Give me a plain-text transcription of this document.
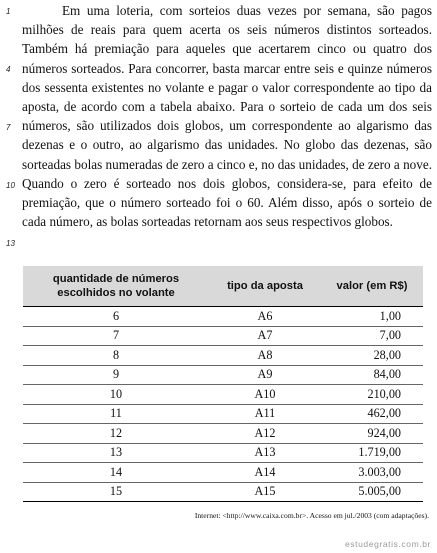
1
4
7
10
13

Em uma loteria, com sorteios duas vezes por semana, são pagos milhões de reais para quem acerta os seis números distintos sorteados. Também há premiação para aqueles que acertarem cinco ou quatro dos números sorteados. Para concorrer, basta marcar entre seis e quinze números dos sessenta existentes no volante e pagar o valor correspondente ao tipo da aposta, de acordo com a tabela abaixo. Para o sorteio de cada um dos seis números, são utilizados dois globos, um correspondente ao algarismo das dezenas e o outro, ao algarismo das unidades. No globo das dezenas, são sorteadas bolas numeradas de zero a cinco e, no das unidades, de zero a nove. Quando o zero é sorteado nos dois globos, considera-se, para efeito de premiação, que o número sorteado foi o 60. Além disso, após o sorteio de cada número, as bolas sorteadas retornam aos seus respectivos globos.

quantidade de números escolhidos no volante	tipo da aposta	valor (em R$)
6	A6	1,00
7	A7	7,00
8	A8	28,00
9	A9	84,00
10	A10	210,00
11	A11	462,00
12	A12	924,00
13	A13	1.719,00
14	A14	3.003,00
15	A15	5.005,00
Internet: <http://www.caixa.com.br>. Acesso em jul./2003 (com adaptações).
estudegratis.com.br
